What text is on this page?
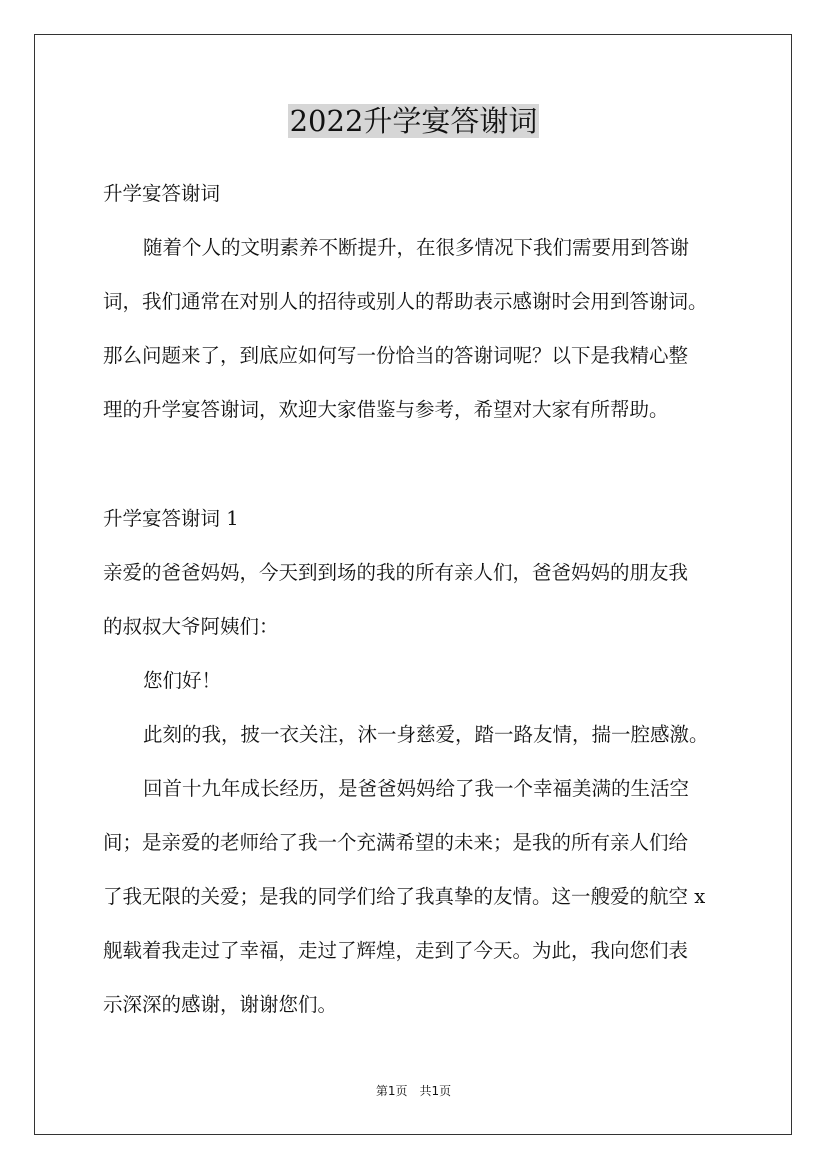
2022升学宴答谢词
升学宴答谢词
随着个人的文明素养不断提升，在很多情况下我们需要用到答谢
词，我们通常在对别人的招待或别人的帮助表示感谢时会用到答谢词。
那么问题来了，到底应如何写一份恰当的答谢词呢？以下是我精心整
理的升学宴答谢词，欢迎大家借鉴与参考，希望对大家有所帮助。
升学宴答谢词 1
亲爱的爸爸妈妈，今天到到场的我的所有亲人们，爸爸妈妈的朋友我
的叔叔大爷阿姨们：
您们好！
此刻的我，披一衣关注，沐一身慈爱，踏一路友情，揣一腔感激。
回首十九年成长经历，是爸爸妈妈给了我一个幸福美满的生活空
间；是亲爱的老师给了我一个充满希望的未来；是我的所有亲人们给
了我无限的关爱；是我的同学们给了我真挚的友情。这一艘爱的航空 x
舰载着我走过了幸福，走过了辉煌，走到了今天。为此，我向您们表
示深深的感谢，谢谢您们。
第1页　共1页
